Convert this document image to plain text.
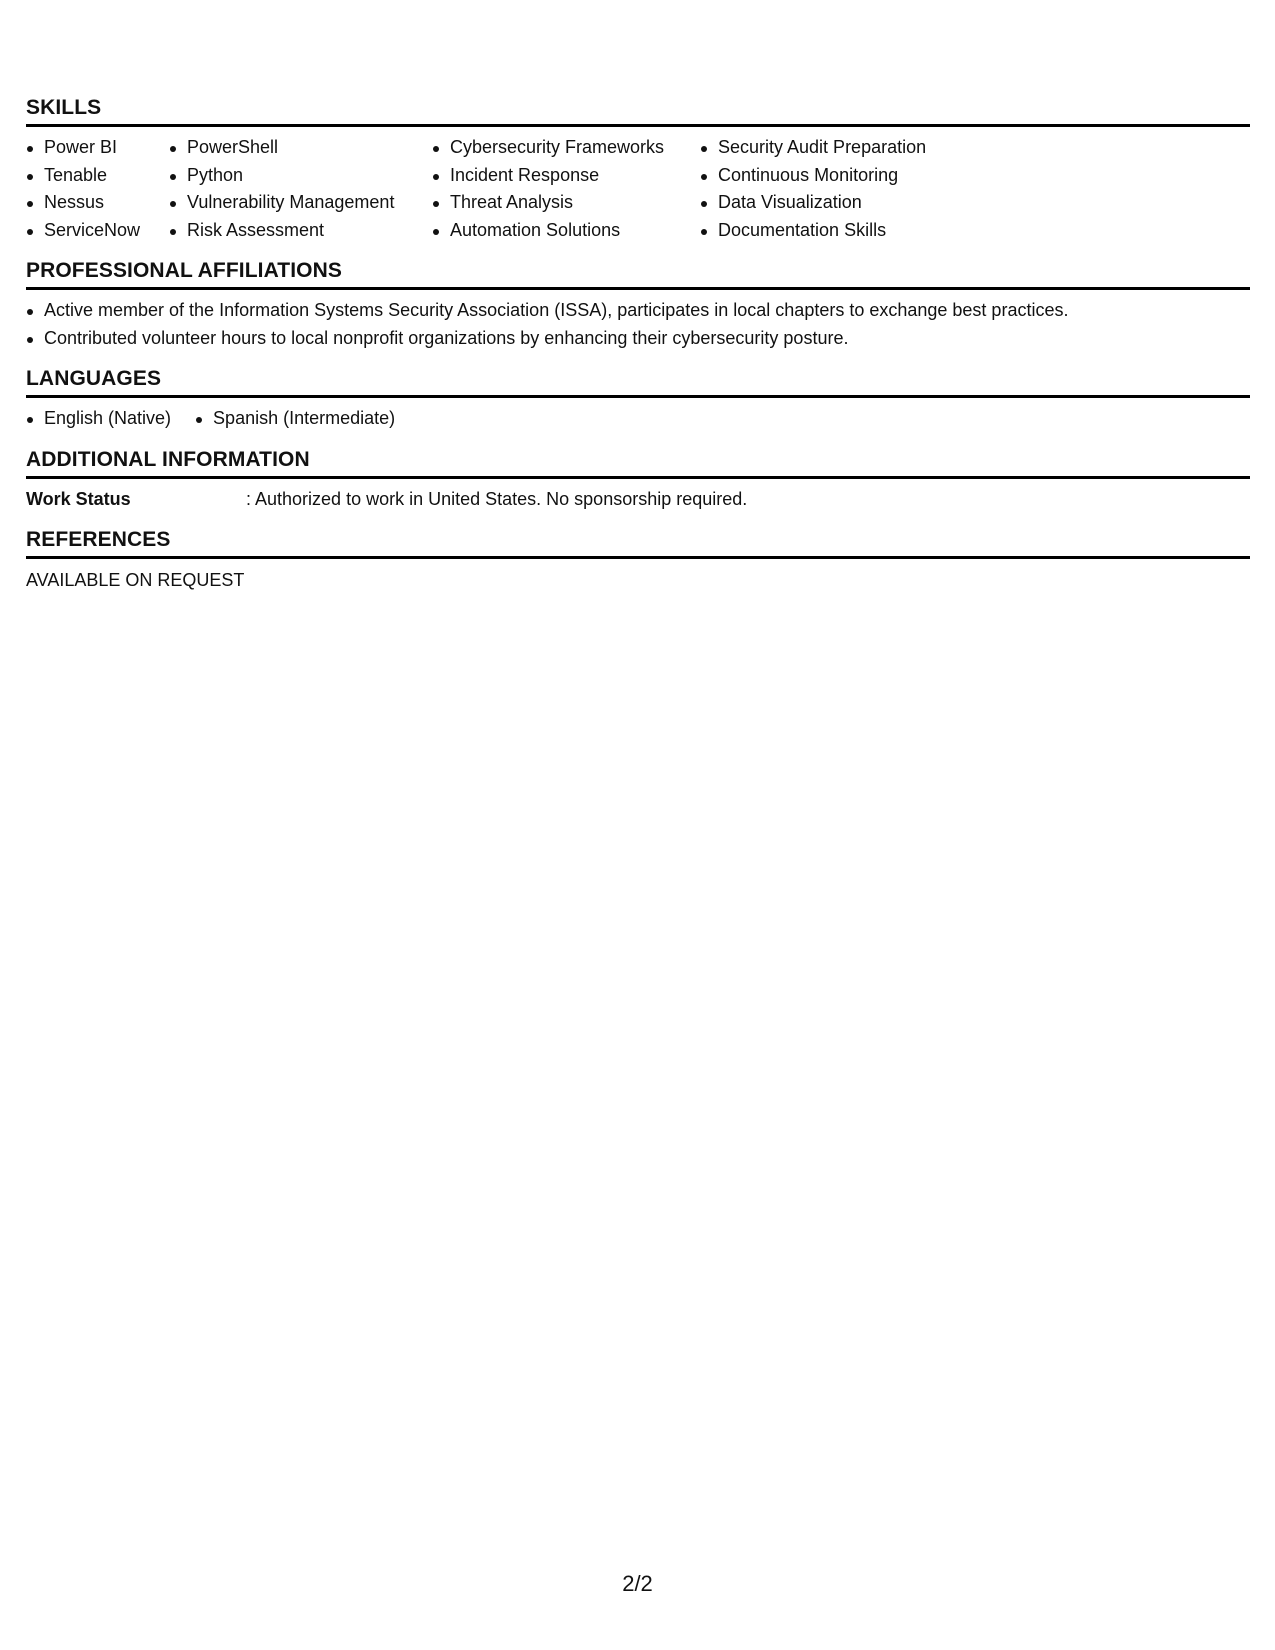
SKILLS
Power BI
Tenable
Nessus
ServiceNow
PowerShell
Python
Vulnerability Management
Risk Assessment
Cybersecurity Frameworks
Incident Response
Threat Analysis
Automation Solutions
Security Audit Preparation
Continuous Monitoring
Data Visualization
Documentation Skills
PROFESSIONAL AFFILIATIONS
Active member of the Information Systems Security Association (ISSA), participates in local chapters to exchange best practices.
Contributed volunteer hours to local nonprofit organizations by enhancing their cybersecurity posture.
LANGUAGES
English (Native)	Spanish (Intermediate)
ADDITIONAL INFORMATION
Work Status	: Authorized to work in United States. No sponsorship required.
REFERENCES
AVAILABLE ON REQUEST
2/2
